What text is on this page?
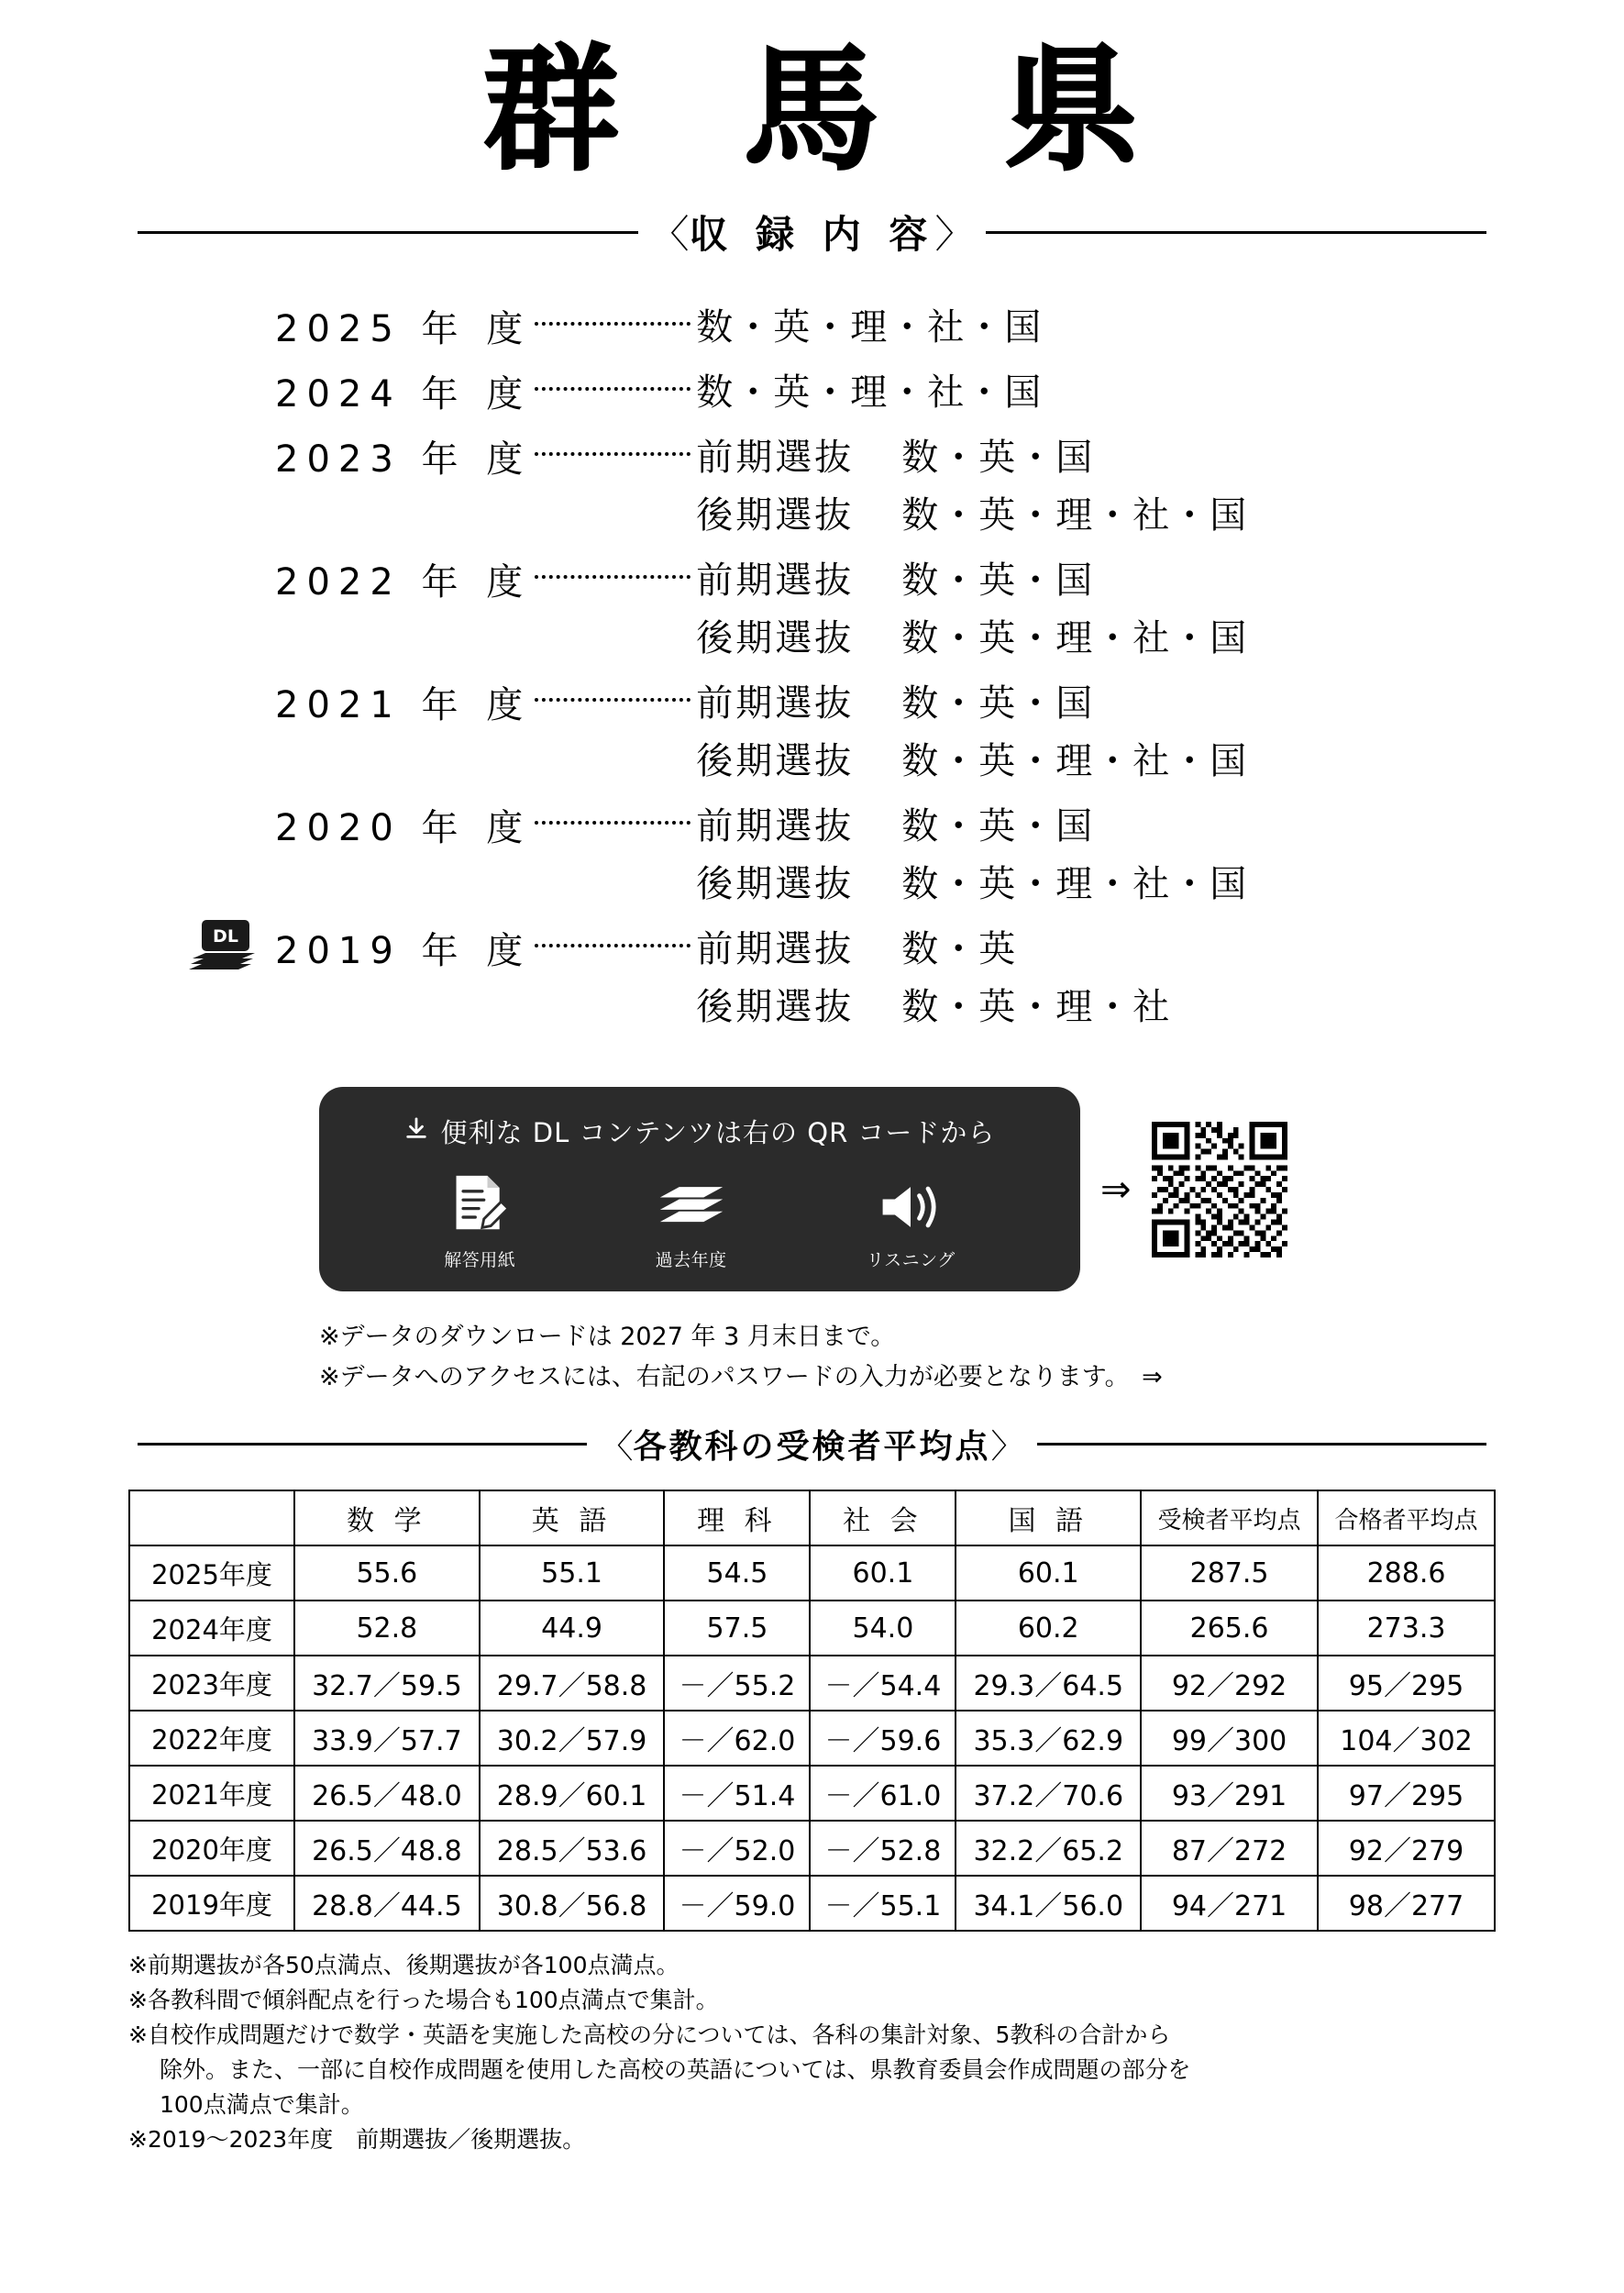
群 馬 県
〈収 録 内 容〉
2025 年 度	数・英・理・社・国
2024 年 度	数・英・理・社・国
2023 年 度	前期選抜	数・英・国
後期選抜	数・英・理・社・国
2022 年 度	前期選抜	数・英・国
後期選抜	数・英・理・社・国
2021 年 度	前期選抜	数・英・国
後期選抜	数・英・理・社・国
2020 年 度	前期選抜	数・英・国
後期選抜	数・英・理・社・国
DL 2019 年 度	前期選抜	数・英
後期選抜	数・英・理・社
便利な DL コンテンツは右の QR コードから
解答用紙	過去年度	リスニング
⇒
※データのダウンロードは 2027 年 3 月末日まで。
※データへのアクセスには、右記のパスワードの入力が必要となります。　⇒
〈各教科の受検者平均点〉
	数 学	英 語	理 科	社 会	国 語	受検者平均点	合格者平均点
2025年度	55.6	55.1	54.5	60.1	60.1	287.5	288.6
2024年度	52.8	44.9	57.5	54.0	60.2	265.6	273.3
2023年度	32.7／59.5	29.7／58.8	－／55.2	－／54.4	29.3／64.5	92／292	95／295
2022年度	33.9／57.7	30.2／57.9	－／62.0	－／59.6	35.3／62.9	99／300	104／302
2021年度	26.5／48.0	28.9／60.1	－／51.4	－／61.0	37.2／70.6	93／291	97／295
2020年度	26.5／48.8	28.5／53.6	－／52.0	－／52.8	32.2／65.2	87／272	92／279
2019年度	28.8／44.5	30.8／56.8	－／59.0	－／55.1	34.1／56.0	94／271	98／277
※前期選抜が各50点満点、後期選抜が各100点満点。
※各教科間で傾斜配点を行った場合も100点満点で集計。
※自校作成問題だけで数学・英語を実施した高校の分については、各科の集計対象、5教科の合計から
除外。また、一部に自校作成問題を使用した高校の英語については、県教育委員会作成問題の部分を
100点満点で集計。
※2019〜2023年度　前期選抜／後期選抜。
